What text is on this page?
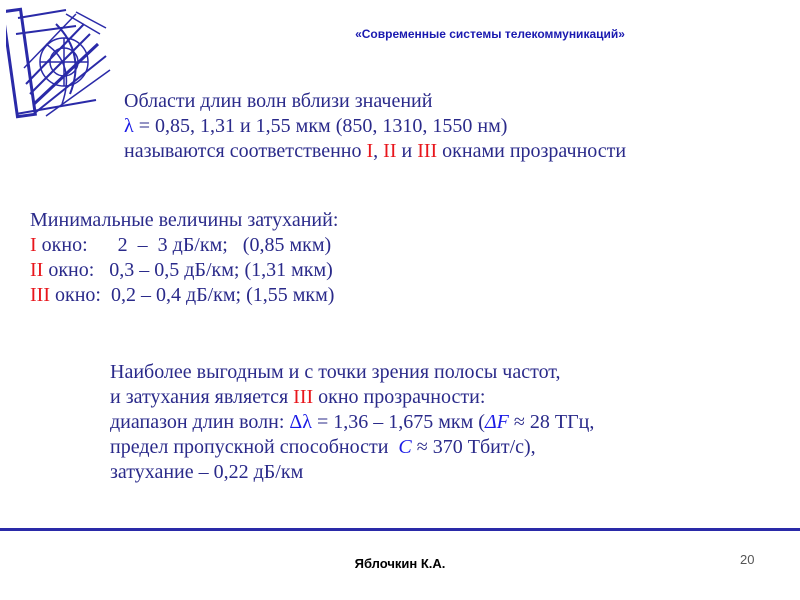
«Современные системы телекоммуникаций»
Области длин волн вблизи значений
λ = 0,85, 1,31 и 1,55 мкм (850, 1310, 1550 нм)
называются соответственно I, II и III окнами прозрачности
Минимальные величины затуханий:
I окно:      2  –  3 дБ/км;   (0,85 мкм)
II окно:   0,3 – 0,5 дБ/км; (1,31 мкм)
III окно:  0,2 – 0,4 дБ/км; (1,55 мкм)
Наиболее выгодным и с точки зрения полосы частот,
и затухания является III окно прозрачности:
диапазон длин волн: Δλ = 1,36 – 1,675 мкм (ΔF ≈ 28 ТГц,
предел пропускной способности  C ≈ 370 Тбит/с),
затухание – 0,22 дБ/км
Яблочкин К.А.	20
